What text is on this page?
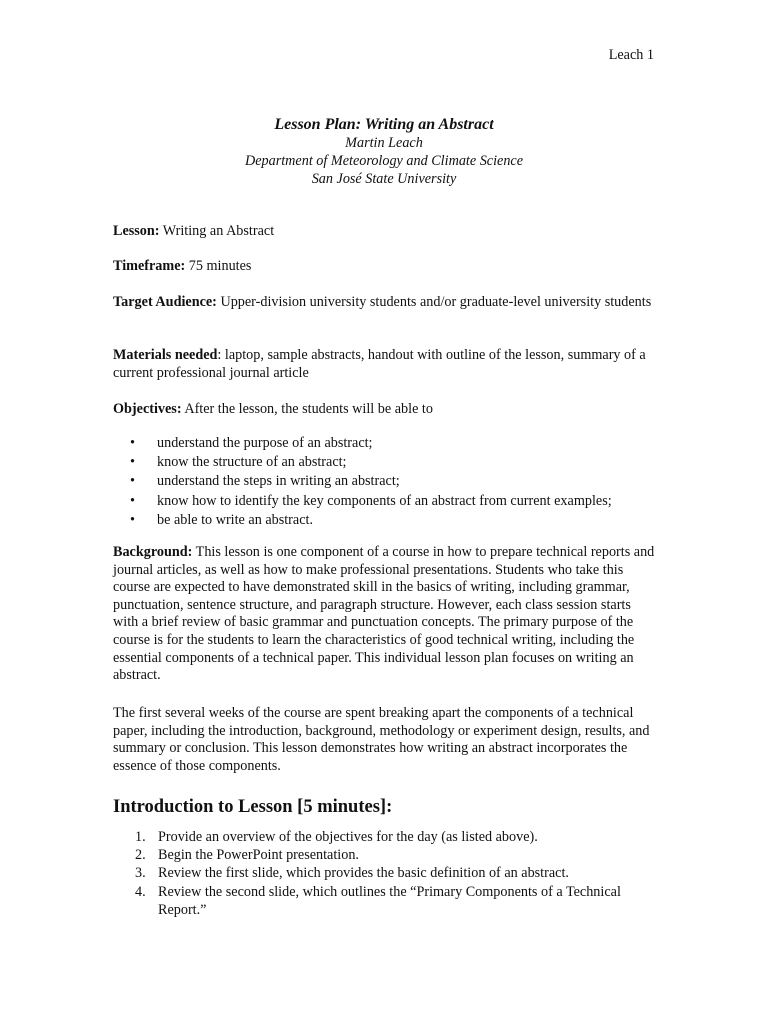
Leach 1
Lesson Plan: Writing an Abstract
Martin Leach
Department of Meteorology and Climate Science
San José State University

Lesson: Writing an Abstract

Timeframe: 75 minutes

Target Audience: Upper-division university students and/or graduate-level university students

Materials needed: laptop, sample abstracts, handout with outline of the lesson, summary of a current professional journal article

Objectives: After the lesson, the students will be able to

• understand the purpose of an abstract;
• know the structure of an abstract;
• understand the steps in writing an abstract;
• know how to identify the key components of an abstract from current examples;
• be able to write an abstract.

Background: This lesson is one component of a course in how to prepare technical reports and journal articles, as well as how to make professional presentations. Students who take this course are expected to have demonstrated skill in the basics of writing, including grammar, punctuation, sentence structure, and paragraph structure. However, each class session starts with a brief review of basic grammar and punctuation concepts. The primary purpose of the course is for the students to learn the characteristics of good technical writing, including the essential components of a technical paper. This individual lesson plan focuses on writing an abstract.

The first several weeks of the course are spent breaking apart the components of a technical paper, including the introduction, background, methodology or experiment design, results, and summary or conclusion. This lesson demonstrates how writing an abstract incorporates the essence of those components.

Introduction to Lesson [5 minutes]:
1. Provide an overview of the objectives for the day (as listed above).
2. Begin the PowerPoint presentation.
3. Review the first slide, which provides the basic definition of an abstract.
4. Review the second slide, which outlines the “Primary Components of a Technical Report.”
